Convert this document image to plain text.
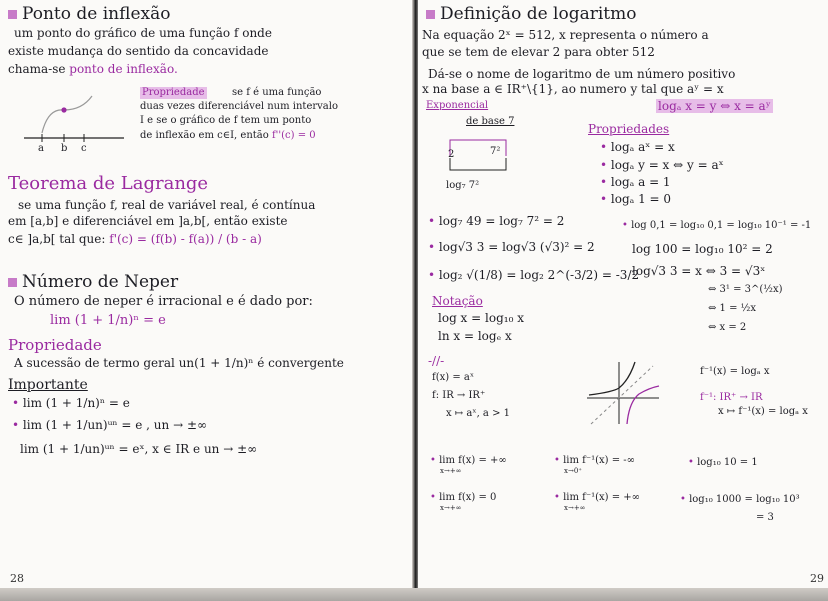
Ponto de inflexão
um ponto do gráfico de uma função f onde
existe mudança do sentido da concavidade
chama-se ponto de inflexão.
a b c
Propriedade	se f é uma função
duas vezes diferenciável num intervalo
I e se o gráfico de f tem um ponto
de inflexão em c∈I, então f''(c) = 0
Teorema de Lagrange
se uma função f, real de variável real, é contínua
em [a,b] e diferenciável em ]a,b[, então existe
c∈ ]a,b[ tal que: f'(c) = (f(b) - f(a)) / (b - a)
Número de Neper
O número de neper é irracional e é dado por:
lim (1 + 1/n)ⁿ = e
Propriedade
A sucessão de termo geral un(1 + 1/n)ⁿ é convergente
Importante
• lim (1 + 1/n)ⁿ = e
• lim (1 + 1/un)ᵘⁿ = e , un → ±∞
lim (1 + 1/un)ᵘⁿ = eˣ, x ∈ IR e un → ±∞
28
Definição de logaritmo
Na equação 2ˣ = 512, x representa o número a
que se tem de elevar 2 para obter 512
Dá-se o nome de logaritmo de um número positivo
x na base a ∈ IR⁺\{1}, ao numero y tal que aʸ = x
logₐ x = y ⇔ x = aʸ
Exponencial
de base 7
2	7²
log₇ 7²
Propriedades
• logₐ aˣ = x
• logₐ y = x ⇔ y = aˣ
• logₐ a = 1
• logₐ 1 = 0
• log₇ 49 = log₇ 7² = 2
• log√3 3 = log√3 (√3)² = 2
• log₂ √(1/8) = log₂ 2^(-3/2) = -3/2
• log 0,1 = log₁₀ 0,1 = log₁₀ 10⁻¹ = -1
log 100 = log₁₀ 10² = 2
log√3 3 = x ⇔ 3 = √3ˣ
⇔ 3¹ = 3^(½x)
⇔ 1 = ½x
⇔ x = 2
Notação
log x = log₁₀ x
ln x = logₑ x
-//-
f(x) = aˣ
f: IR → IR⁺
x ↦ aˣ, a > 1
f⁻¹(x) = logₐ x
f⁻¹: IR⁺ → IR
x ↦ f⁻¹(x) = logₐ x
• lim f(x) = +∞
x→+∞
• lim f⁻¹(x) = -∞
x→0⁺
• log₁₀ 10 = 1
• lim f(x) = 0
x→+∞
• lim f⁻¹(x) = +∞
x→+∞
• log₁₀ 1000 = log₁₀ 10³
= 3
29
